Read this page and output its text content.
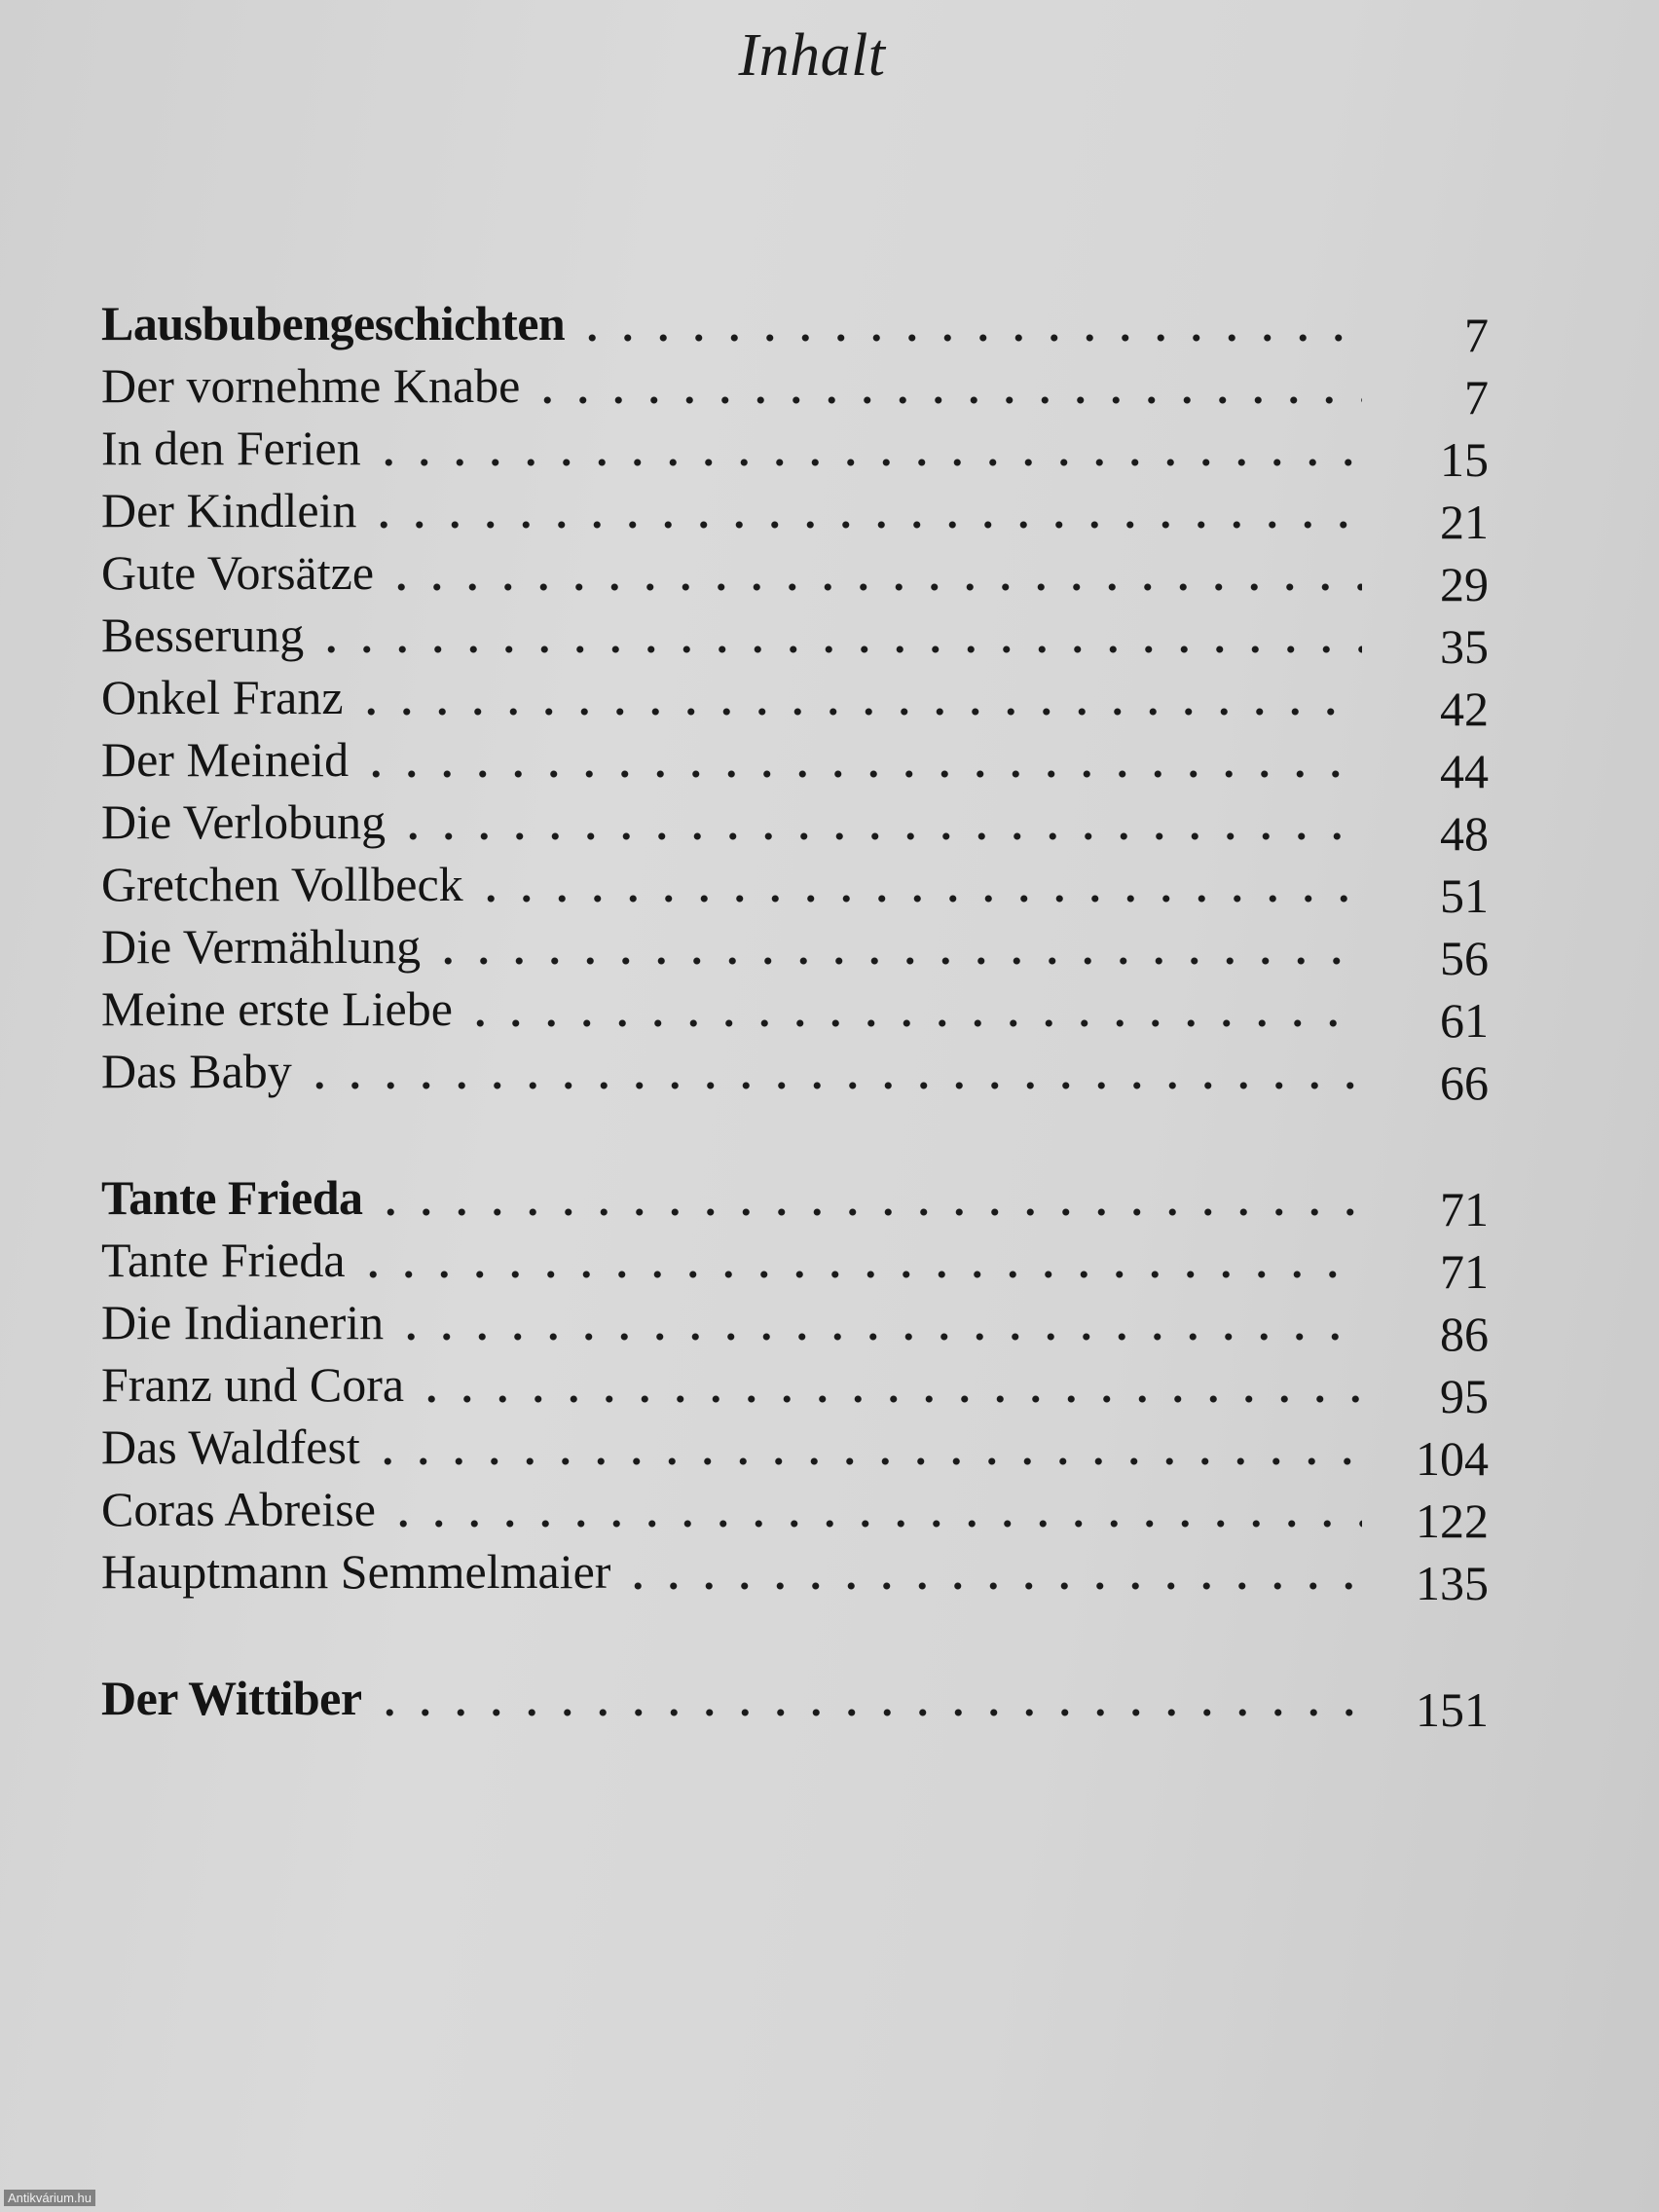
Inhalt
Lausbubengeschichten	7
Der vornehme Knabe	7
In den Ferien	15
Der Kindlein	21
Gute Vorsätze	29
Besserung	35
Onkel Franz	42
Der Meineid	44
Die Verlobung	48
Gretchen Vollbeck	51
Die Vermählung	56
Meine erste Liebe	61
Das Baby	66
Tante Frieda	71
Tante Frieda	71
Die Indianerin	86
Franz und Cora	95
Das Waldfest	104
Coras Abreise	122
Hauptmann Semmelmaier	135
Der Wittiber	151
Antikvárium.hu
